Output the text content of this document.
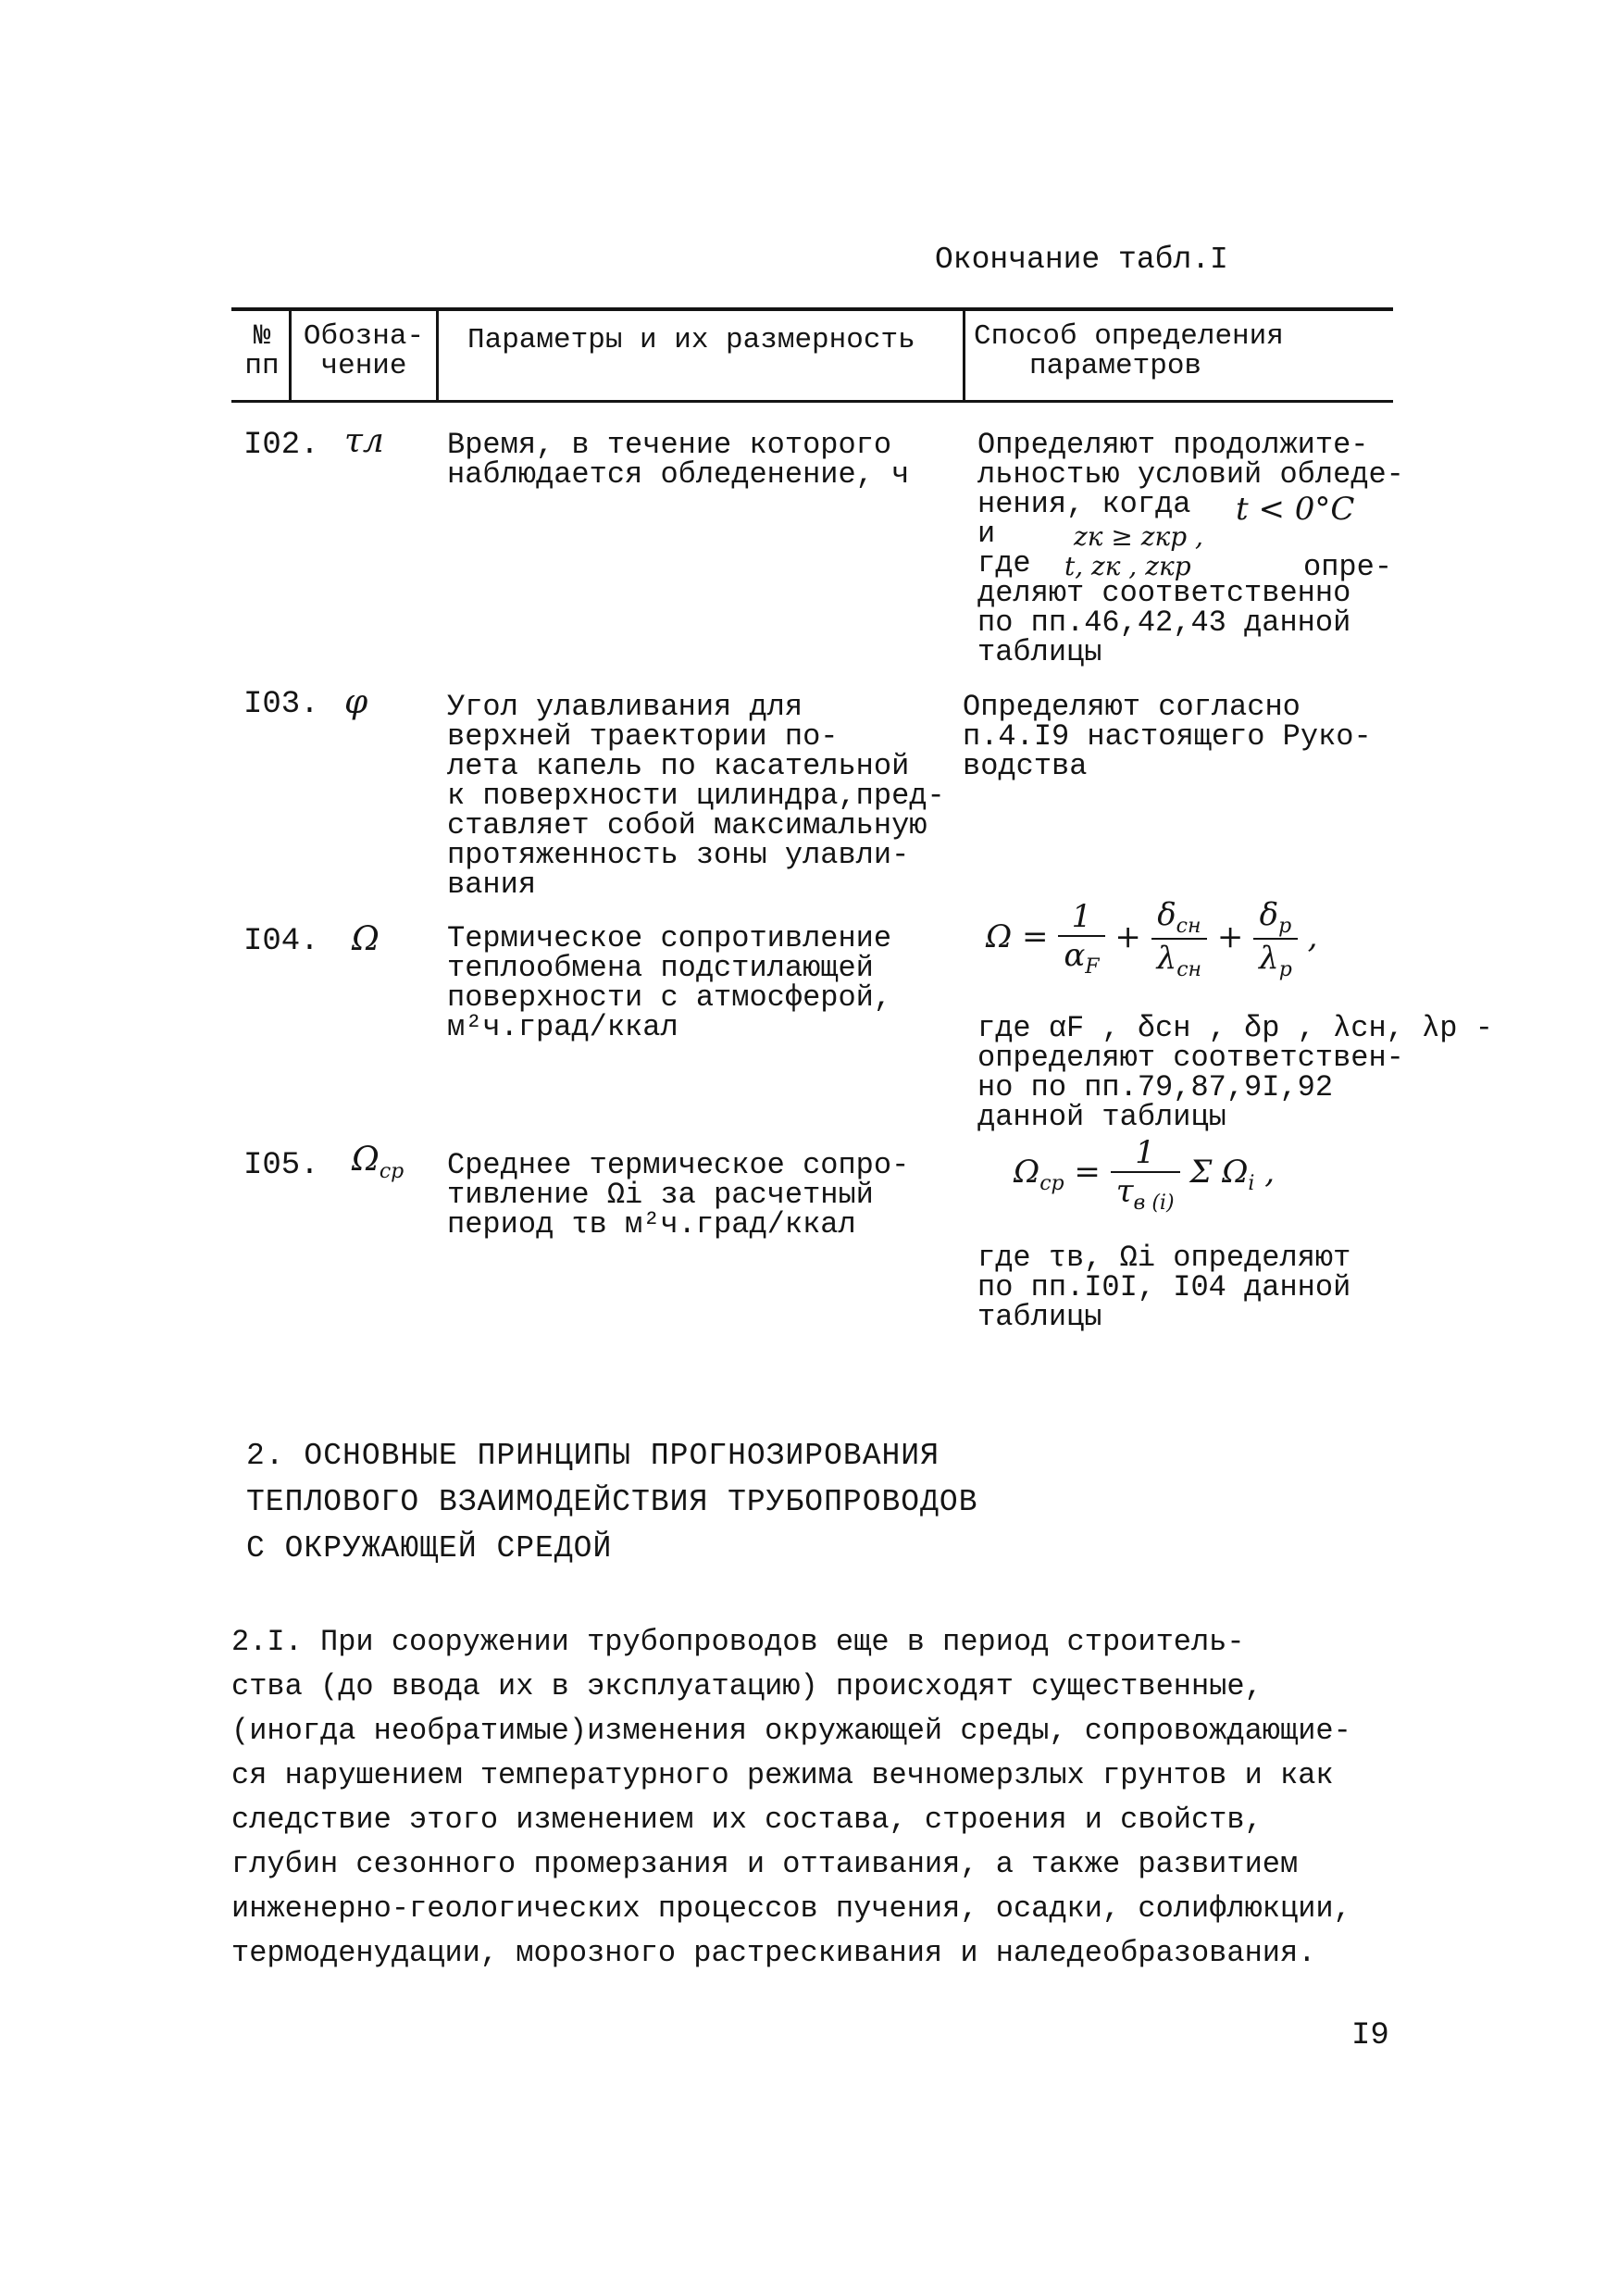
Окончание табл.I
№
пп
Обозна-
чение
Параметры и их размерность Способ определения
параметров
I02. τл Время, в течение которого
наблюдается обледенение, ч
Определяют продолжите-
льностью условий обледе-
нения, когда
и
где
деляют соответственно
по пп.46,42,43 данной
таблицы
t < 0°C
zк ≥ zкр ,
t, zк , zкр	опре-
I03. φ	Угол улавливания для
верхней траектории по-
лета капель по касательной
к поверхности цилиндра,пред-
ставляет собой максимальную
протяженность зоны улавли-
вания
Определяют согласно
п.4.I9 настоящего Руко-
водства
I04. Ω Термическое сопротивление
теплообмена подстилающей
поверхности с атмосферой,
м²ч.град/ккал
$\Omega = \frac{1}{\alpha_F} + \frac{\delta_{сн}}{\lambda_{сн}} + \frac{\delta_р}{\lambda_р}$ ,
где αF , δсн , δр , λсн, λр -
определяют соответствен-
но по пп.79,87,9I,92
данной таблицы
I05. $\Omega_{ср}$ Среднее термическое сопро-
тивление Ωi за расчетный
период τв м²ч.град/ккал
$\Omega_{ср} = \frac{1}{\tau_{в (i)}}$ Σ $\Omega_i$ ,
где τв, Ωi определяют
по пп.I0I, I04 данной
таблицы
2. ОСНОВНЫЕ ПРИНЦИПЫ ПРОГНОЗИРОВАНИЯ
ТЕПЛОВОГО ВЗАИМОДЕЙСТВИЯ ТРУБОПРОВОДОВ
С ОКРУЖАЮЩЕЙ СРЕДОЙ
2.I. При сооружении трубопроводов еще в период строитель-
ства (до ввода их в эксплуатацию) происходят существенные,
(иногда необратимые)изменения окружающей среды, сопровождающие-
ся нарушением температурного режима вечномерзлых грунтов и как
следствие этого изменением их состава, строения и свойств,
глубин сезонного промерзания и оттаивания, а также развитием
инженерно-геологических процессов пучения, осадки, солифлюкции,
термоденудации, морозного растрескивания и наледеобразования.
I9
